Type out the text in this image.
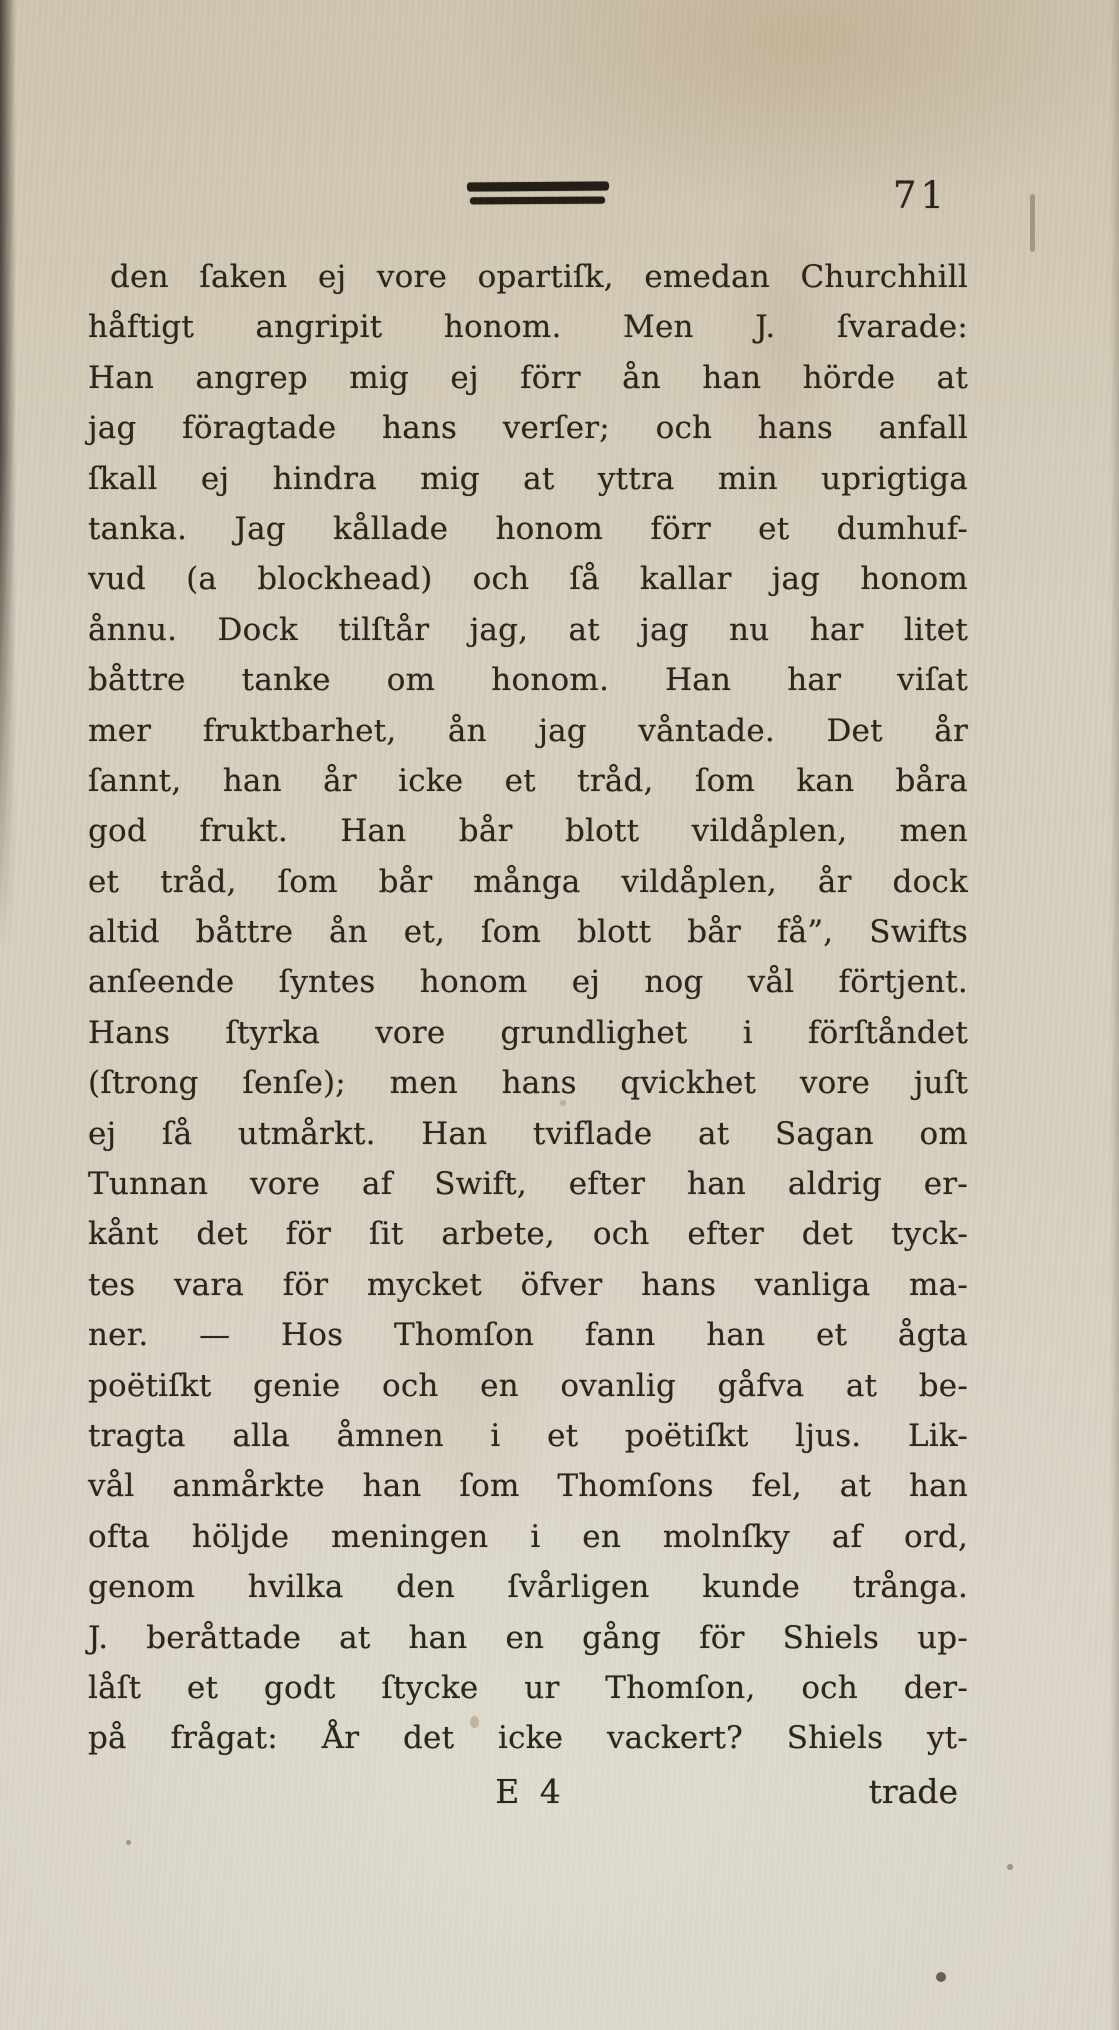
71
den ſaken ej vore opartiſk, emedan Churchhill
håftigt angripit honom. Men J. ſvarade:
Han angrep mig ej förr ån han hörde at
jag föragtade hans verſer; och hans anfall
ſkall ej hindra mig at yttra min uprigtiga
tanka. Jag kållade honom förr et dumhuf-
vud (a blockhead) och ſå kallar jag honom
ånnu. Dock tilſtår jag, at jag nu har litet
båttre tanke om honom. Han har viſat
mer fruktbarhet, ån jag våntade. Det år
ſannt, han år icke et tråd, ſom kan båra
god frukt. Han bår blott vildåplen, men
et tråd, ſom bår många vildåplen, år dock
altid båttre ån et, ſom blott bår få”, Swifts
anſeende ſyntes honom ej nog vål förtjent.
Hans ſtyrka vore grundlighet i förſtåndet
(ſtrong ſenſe); men hans qvickhet vore juſt
ej ſå utmårkt. Han tviflade at Sagan om
Tunnan vore af Swift, efter han aldrig er-
kånt det för ſit arbete, och efter det tyck-
tes vara för mycket öfver hans vanliga ma-
ner. — Hos Thomſon fann han et ågta
poëtiſkt genie och en ovanlig gåfva at be-
tragta alla åmnen i et poëtiſkt ljus. Lik-
vål anmårkte han ſom Thomſons fel, at han
ofta höljde meningen i en molnſky af ord,
genom hvilka den ſvårligen kunde trånga.
J. beråttade at han en gång för Shiels up-
låſt et godt ſtycke ur Thomſon, och der-
på frågat: År det icke vackert? Shiels yt-
E 4	trade
